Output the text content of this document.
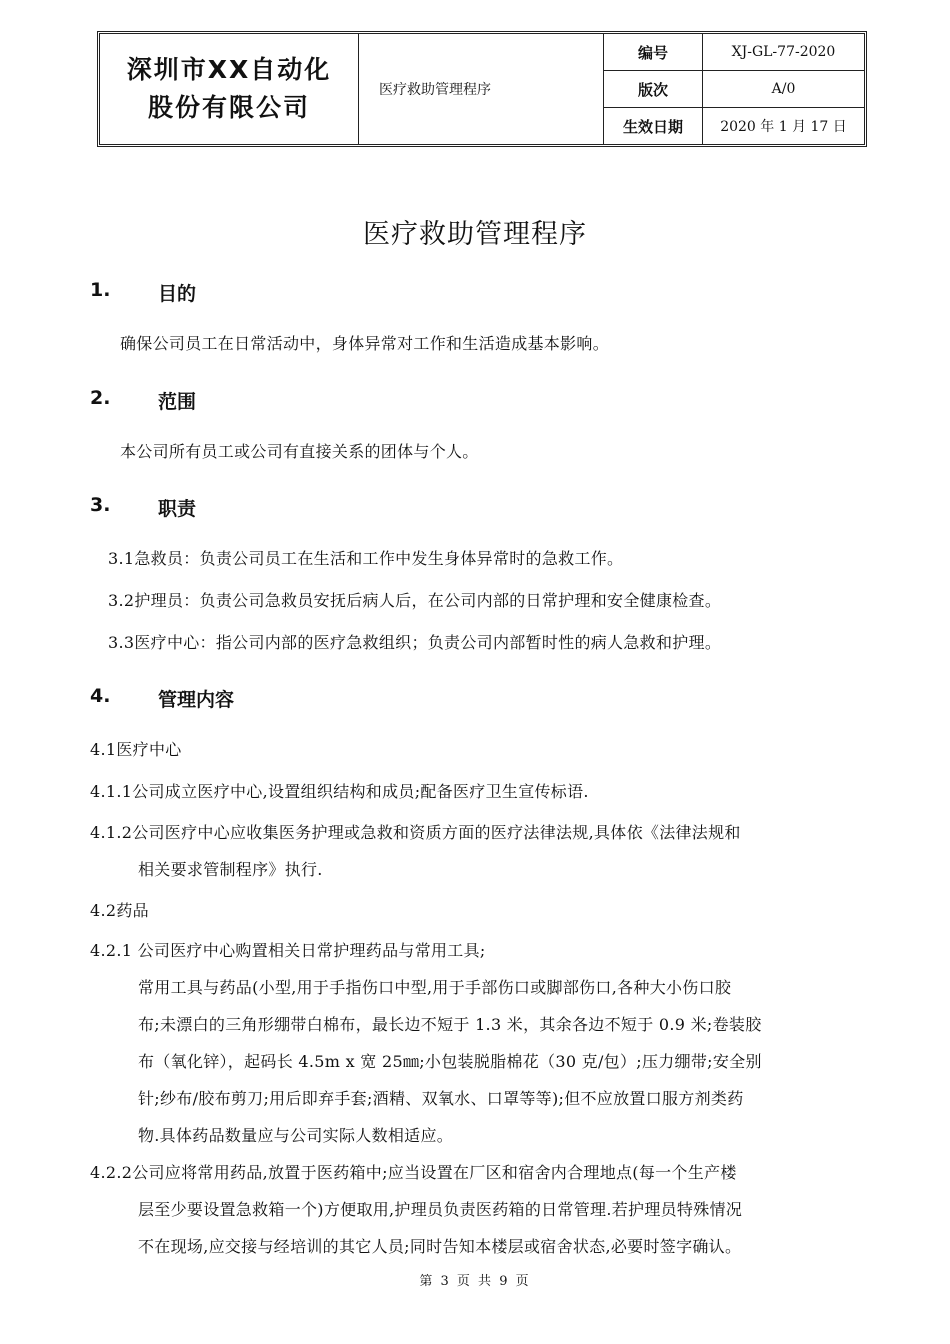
深圳市XX自动化
股份有限公司
医疗救助管理程序
编号	XJ-GL-77-2020
版次	A/0
生效日期	2020 年 1 月 17 日
医疗救助管理程序
1.	目的
确保公司员工在日常活动中，身体异常对工作和生活造成基本影响。
2.	范围
本公司所有员工或公司有直接关系的团体与个人。
3.	职责
3.1急救员：负责公司员工在生活和工作中发生身体异常时的急救工作。
3.2护理员：负责公司急救员安抚后病人后，在公司内部的日常护理和安全健康检查。
3.3医疗中心：指公司内部的医疗急救组织；负责公司内部暂时性的病人急救和护理。
4.	管理内容
4.1医疗中心
4.1.1公司成立医疗中心,设置组织结构和成员;配备医疗卫生宣传标语.
4.1.2公司医疗中心应收集医务护理或急救和资质方面的医疗法律法规,具体依《法律法规和
相关要求管制程序》执行.
4.2药品
4.2.1 公司医疗中心购置相关日常护理药品与常用工具;
常用工具与药品(小型,用于手指伤口中型,用于手部伤口或脚部伤口,各种大小伤口胶
布;未漂白的三角形绷带白棉布，最长边不短于 1.3 米，其余各边不短于 0.9 米;卷装胶
布（氧化锌），起码长 4.5m x 宽 25㎜;小包装脱脂棉花（30 克/包）;压力绷带;安全别
针;纱布/胶布剪刀;用后即弃手套;酒精、双氧水、口罩等等);但不应放置口服方剂类药
物.具体药品数量应与公司实际人数相适应。
4.2.2公司应将常用药品,放置于医药箱中;应当设置在厂区和宿舍内合理地点(每一个生产楼
层至少要设置急救箱一个)方便取用,护理员负责医药箱的日常管理.若护理员特殊情况
不在现场,应交接与经培训的其它人员;同时告知本楼层或宿舍状态,必要时签字确认。
第 3 页 共 9 页
